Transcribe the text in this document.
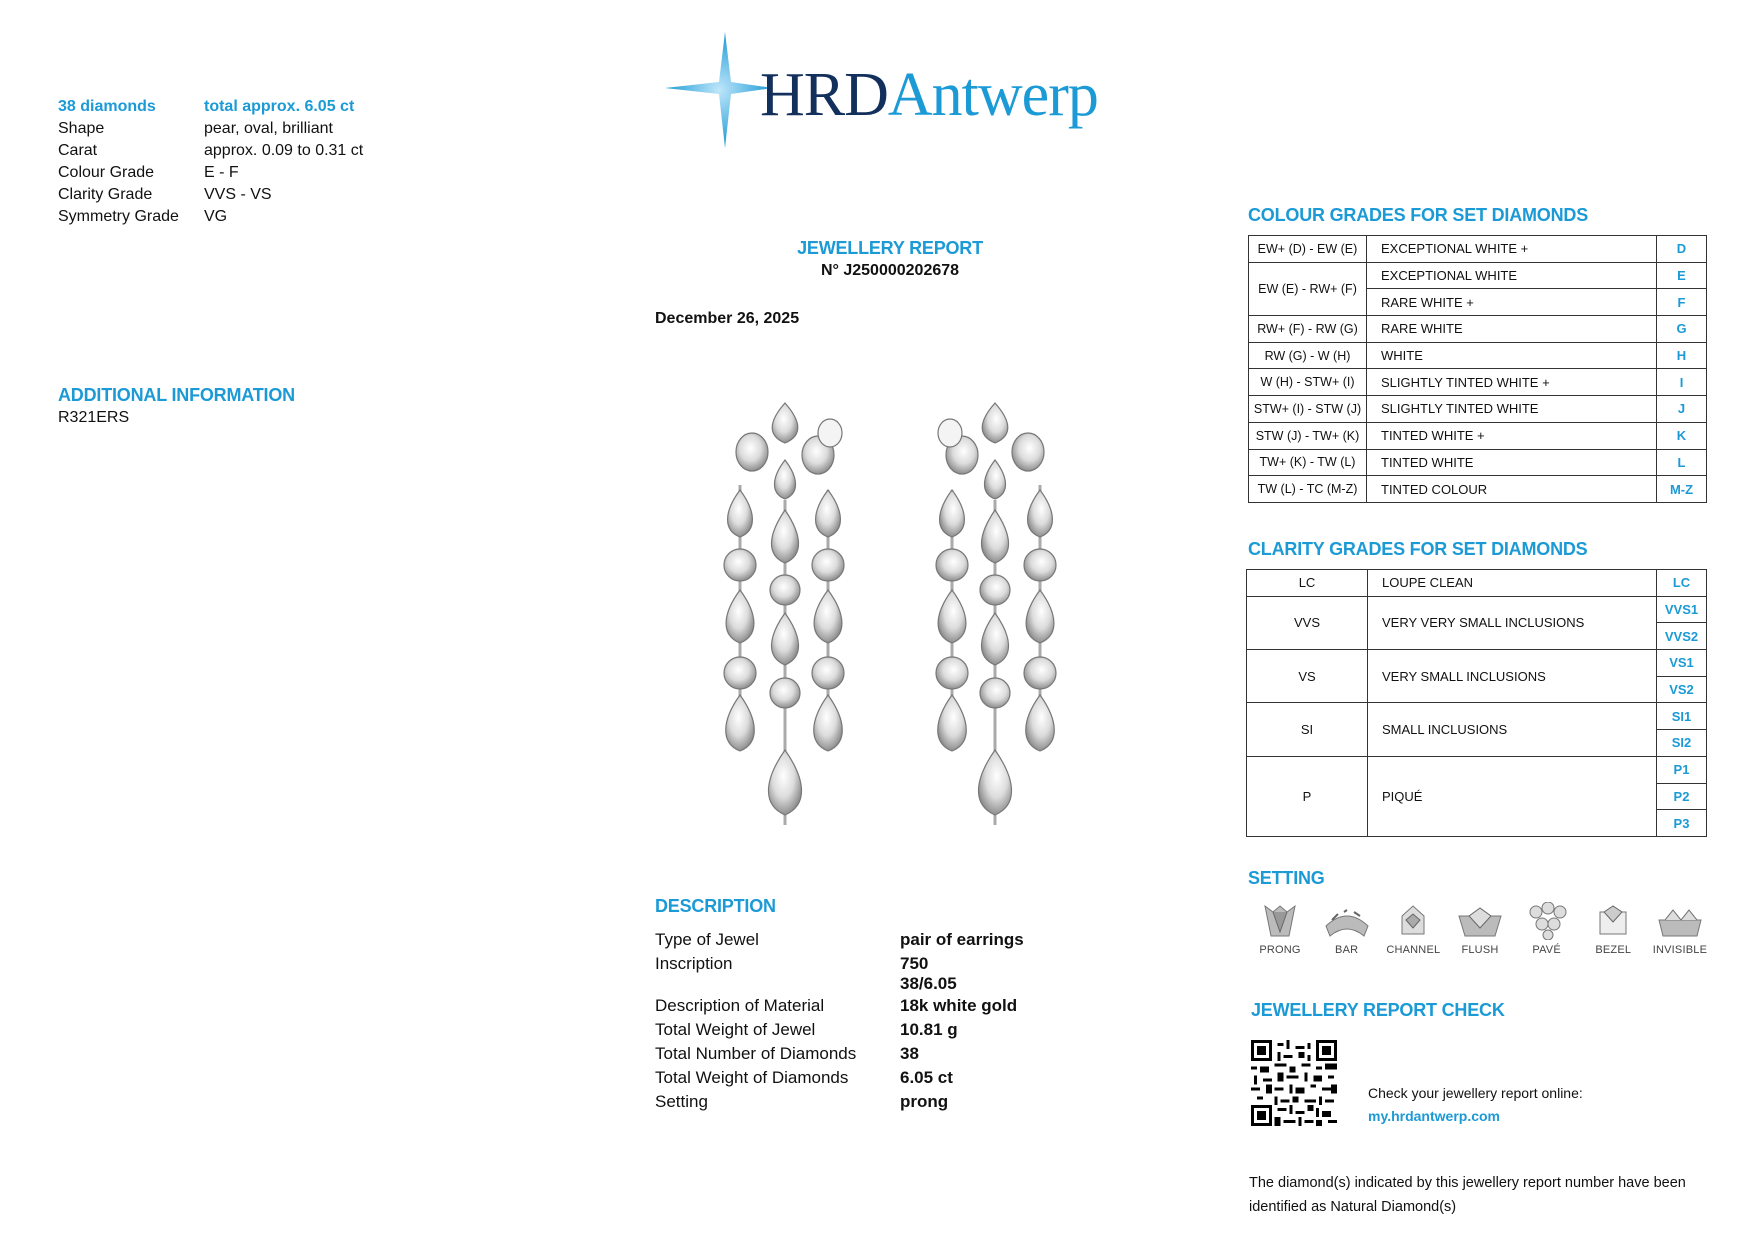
HRDAntwerp
38 diamonds	total approx. 6.05 ct
Shape	pear, oval, brilliant
Carat	approx. 0.09 to 0.31 ct
Colour Grade	E - F
Clarity Grade	VVS - VS
Symmetry Grade	VG
ADDITIONAL INFORMATION
R321ERS
JEWELLERY REPORT
N° J250000202678
December 26, 2025
DESCRIPTION
Type of Jewel	pair of earrings
Inscription	750
38/6.05
Description of Material	18k white gold
Total Weight of Jewel	10.81 g
Total Number of Diamonds	38
Total Weight of Diamonds	6.05 ct
Setting	prong
COLOUR GRADES FOR SET DIAMONDS
EW+ (D) - EW (E)	EXCEPTIONAL WHITE +	D
EW (E) - RW+ (F)	EXCEPTIONAL WHITE	E
	RARE WHITE +	F
RW+ (F) - RW (G)	RARE WHITE	G
RW (G) - W (H)	WHITE	H
W (H) - STW+ (I)	SLIGHTLY TINTED WHITE +	I
STW+ (I) - STW (J)	SLIGHTLY TINTED WHITE	J
STW (J) - TW+ (K)	TINTED WHITE +	K
TW+ (K) - TW (L)	TINTED WHITE	L
TW (L) - TC (M-Z)	TINTED COLOUR	M-Z
CLARITY GRADES FOR SET DIAMONDS
LC	LOUPE CLEAN	LC
VVS	VERY VERY SMALL INCLUSIONS	VVS1
		VVS2
VS	VERY SMALL INCLUSIONS	VS1
		VS2
SI	SMALL INCLUSIONS	SI1
		SI2
P	PIQUÉ	P1
		P2
		P3
SETTING
PRONG	BAR	CHANNEL FLUSH	PAVÉ	BEZEL INVISIBLE
JEWELLERY REPORT CHECK
Check your jewellery report online:
my.hrdantwerp.com
The diamond(s) indicated by this jewellery report number have been
identified as Natural Diamond(s)
